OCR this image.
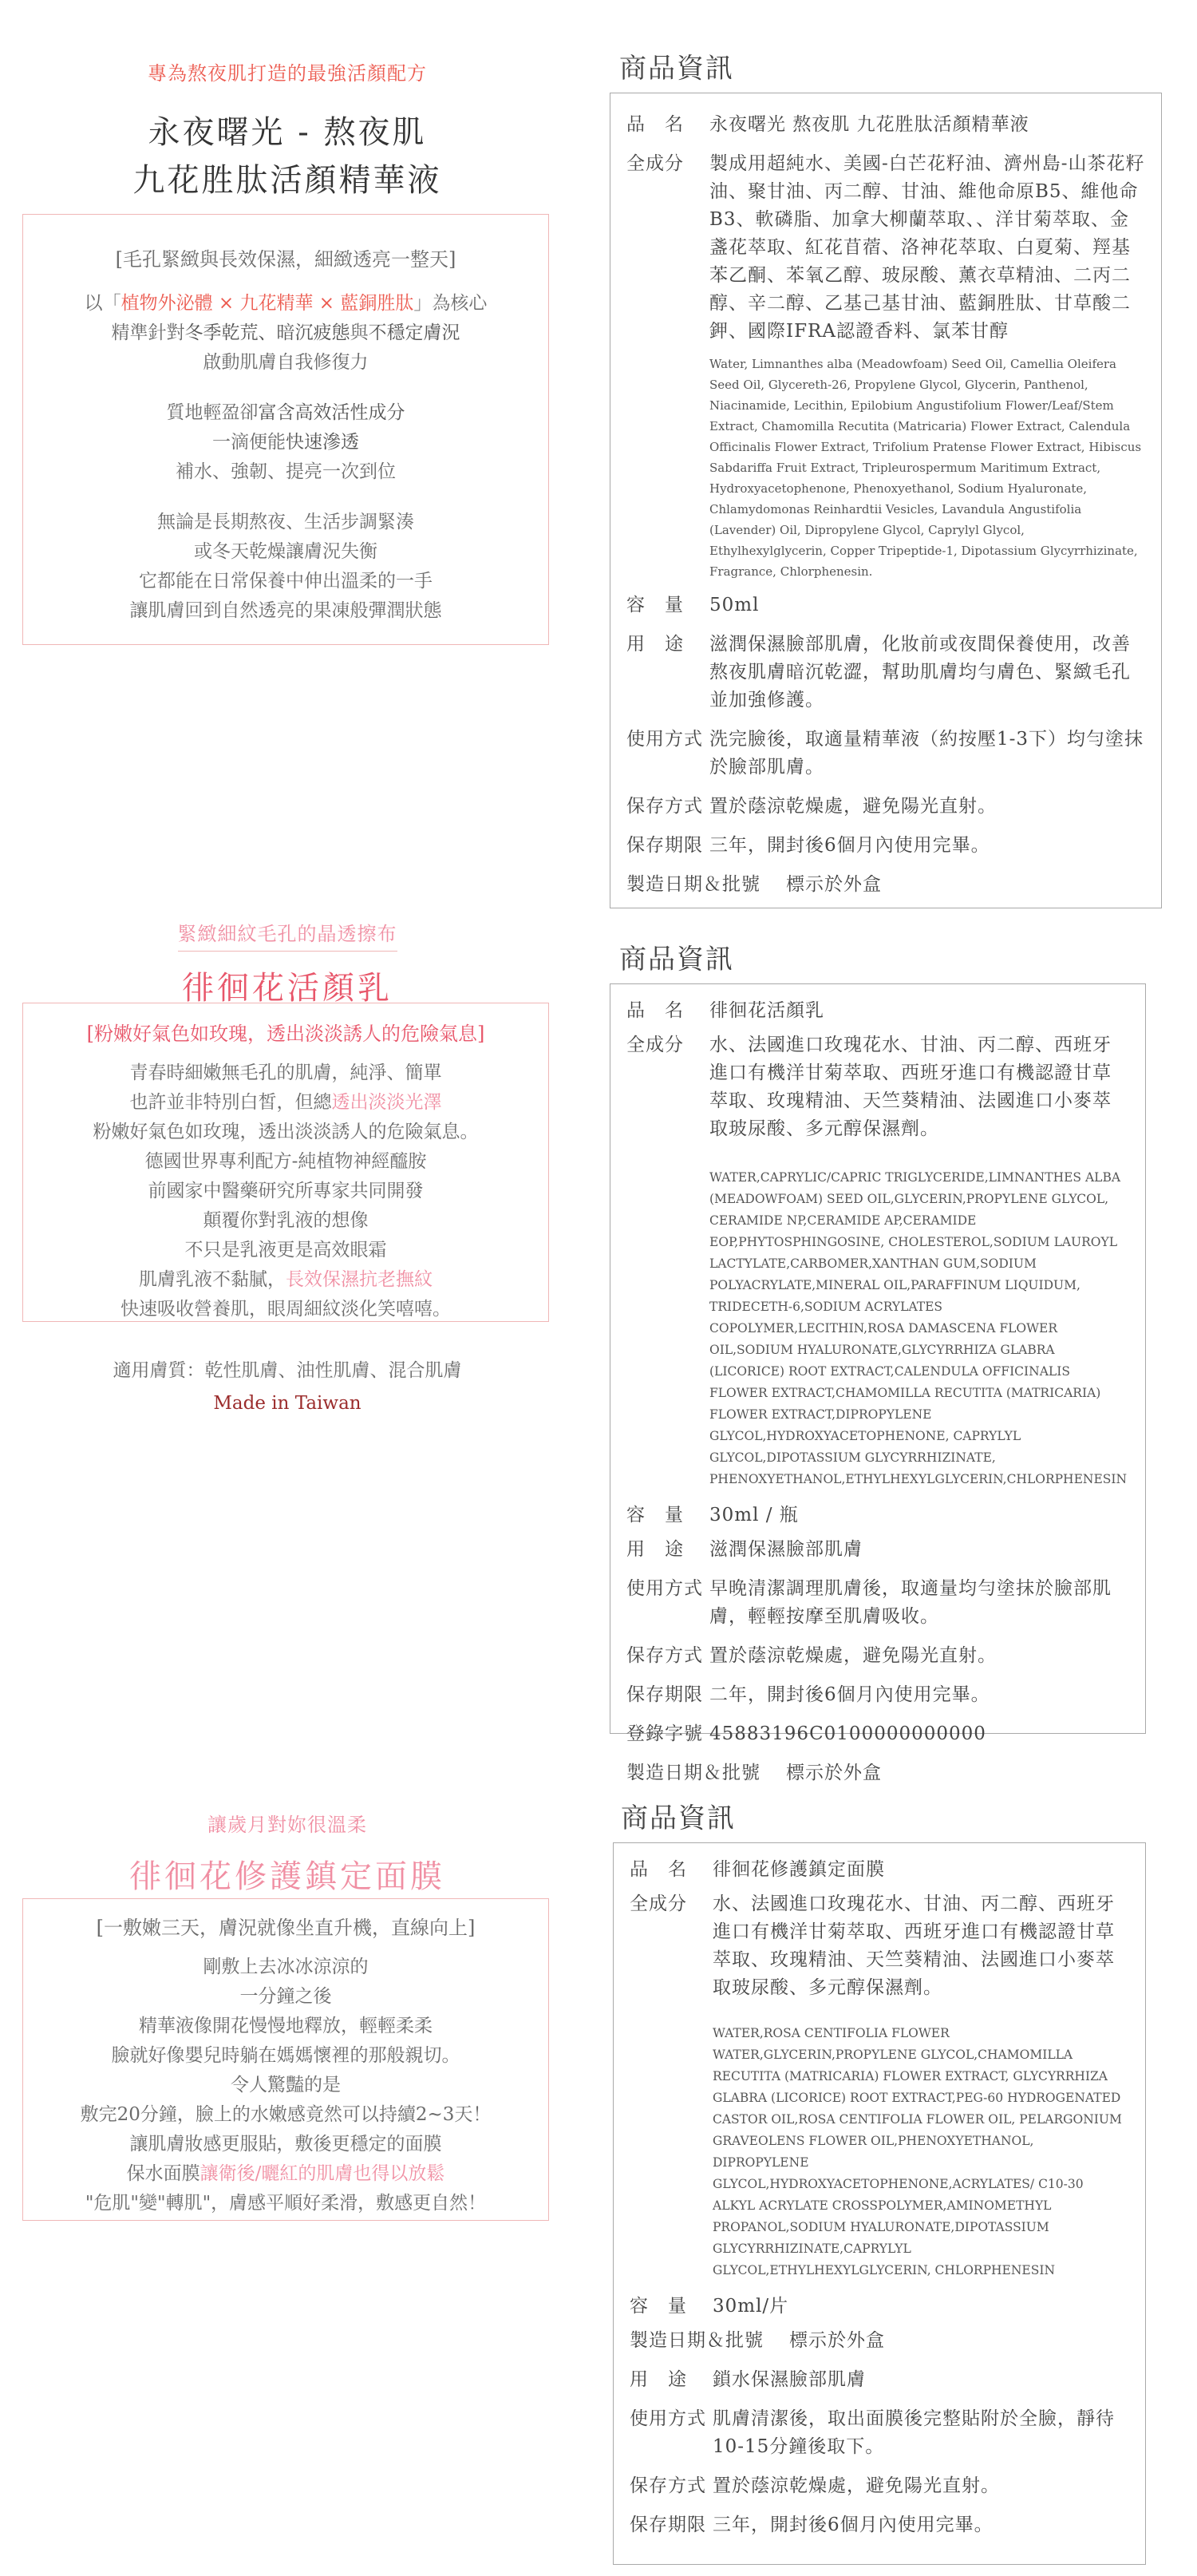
專為熬夜肌打造的最強活顏配方

永夜曙光 - 熬夜肌

九花胜肽活顏精華液

[毛孔緊緻與長效保濕，細緻透亮一整天]

以「植物外泌體 × 九花精華 × 藍銅胜肽」為核心

精準針對冬季乾荒、暗沉疲態與不穩定膚況

啟動肌膚自我修復力

質地輕盈卻富含高效活性成分

一滴便能快速滲透

補水、強韌、提亮一次到位

無論是長期熬夜、生活步調緊湊

或冬天乾燥讓膚況失衡

它都能在日常保養中伸出溫柔的一手

讓肌膚回到自然透亮的果凍般彈潤狀態

商品資訊

品　名	永夜曙光 熬夜肌 九花胜肽活顏精華液
全成分	製成用超純水、美國-白芒花籽油、濟州島-山茶花籽油、聚甘油、丙二醇、甘油、維他命原B5、維他命B3、軟磷脂、加拿大柳蘭萃取、、洋甘菊萃取、金盞花萃取、紅花苜蓿、洛神花萃取、白夏菊、羥基苯乙酮、苯氧乙醇、玻尿酸、薰衣草精油、二丙二醇、辛二醇、乙基己基甘油、藍銅胜肽、甘草酸二鉀、國際IFRA認證香料、氯苯甘醇
Water, Limnanthes alba (Meadowfoam) Seed Oil, Camellia Oleifera Seed Oil, Glycereth-26, Propylene Glycol, Glycerin, Panthenol, Niacinamide, Lecithin, Epilobium Angustifolium Flower/Leaf/Stem Extract, Chamomilla Recutita (Matricaria) Flower Extract, Calendula Officinalis Flower Extract, Trifolium Pratense Flower Extract, Hibiscus Sabdariffa Fruit Extract, Tripleurospermum Maritimum Extract, Hydroxyacetophenone, Phenoxyethanol, Sodium Hyaluronate, Chlamydomonas Reinhardtii Vesicles, Lavandula Angustifolia (Lavender) Oil, Dipropylene Glycol, Caprylyl Glycol, Ethylhexylglycerin, Copper Tripeptide-1, Dipotassium Glycyrrhizinate, Fragrance, Chlorphenesin.
容　量	50ml
用　途	滋潤保濕臉部肌膚，化妝前或夜間保養使用，改善熬夜肌膚暗沉乾澀，幫助肌膚均勻膚色、緊緻毛孔並加強修護。
使用方式 洗完臉後，取適量精華液（約按壓1-3下）均勻塗抹於臉部肌膚。
保存方式 置於蔭涼乾燥處，避免陽光直射。
保存期限 三年，開封後6個月內使用完畢。
製造日期＆批號	標示於外盒

緊緻細紋毛孔的晶透擦布

徘徊花活顏乳

[粉嫩好氣色如玫瑰，透出淡淡誘人的危險氣息]

青春時細嫩無毛孔的肌膚，純淨、簡單

也許並非特別白皙，但總透出淡淡光澤

粉嫩好氣色如玫瑰，透出淡淡誘人的危險氣息。

德國世界專利配方-純植物神經醯胺

前國家中醫藥研究所專家共同開發

顛覆你對乳液的想像

不只是乳液更是高效眼霜

肌膚乳液不黏膩，長效保濕抗老撫紋

快速吸收營養肌，眼周細紋淡化笑嘻嘻。

適用膚質：乾性肌膚、油性肌膚、混合肌膚

Made in Taiwan

商品資訊

品　名	徘徊花活顏乳
全成分	水、法國進口玫瑰花水、甘油、丙二醇、西班牙進口有機洋甘菊萃取、西班牙進口有機認證甘草萃取、玫瑰精油、天竺葵精油、法國進口小麥萃取玻尿酸、多元醇保濕劑。
WATER,CAPRYLIC/CAPRIC TRIGLYCERIDE,LIMNANTHES ALBA (MEADOWFOAM) SEED OIL,GLYCERIN,PROPYLENE GLYCOL, CERAMIDE NP,CERAMIDE AP,CERAMIDE EOP,PHYTOSPHINGOSINE, CHOLESTEROL,SODIUM LAUROYL LACTYLATE,CARBOMER,XANTHAN GUM,SODIUM POLYACRYLATE,MINERAL OIL,PARAFFINUM LIQUIDUM, TRIDECETH-6,SODIUM ACRYLATES COPOLYMER,LECITHIN,ROSA DAMASCENA FLOWER OIL,SODIUM HYALURONATE,GLYCYRRHIZA GLABRA (LICORICE) ROOT EXTRACT,CALENDULA OFFICINALIS FLOWER EXTRACT,CHAMOMILLA RECUTITA (MATRICARIA) FLOWER EXTRACT,DIPROPYLENE GLYCOL,HYDROXYACETOPHENONE, CAPRYLYL GLYCOL,DIPOTASSIUM GLYCYRRHIZINATE, PHENOXYETHANOL,ETHYLHEXYLGLYCERIN,CHLORPHENESIN
容　量	30ml / 瓶
用　途	滋潤保濕臉部肌膚
使用方式 早晚清潔調理肌膚後，取適量均勻塗抹於臉部肌膚，輕輕按摩至肌膚吸收。
保存方式 置於蔭涼乾燥處，避免陽光直射。
保存期限 二年，開封後6個月內使用完畢。
登錄字號 45883196C0100000000000
製造日期＆批號	標示於外盒

讓歲月對妳很溫柔

徘徊花修護鎮定面膜

[一敷嫩三天，膚況就像坐直升機，直線向上]

剛敷上去冰冰涼涼的

一分鐘之後

精華液像開花慢慢地釋放，輕輕柔柔

臉就好像嬰兒時躺在媽媽懷裡的那般親切。

令人驚豔的是

敷完20分鐘，臉上的水嫩感竟然可以持續2~3天！

讓肌膚妝感更服貼，敷後更穩定的面膜

保水面膜讓衛後/曬紅的肌膚也得以放鬆

"危肌"變"轉肌"，膚感平順好柔滑，敷感更自然！

商品資訊

品　名	徘徊花修護鎮定面膜
全成分	水、法國進口玫瑰花水、甘油、丙二醇、西班牙進口有機洋甘菊萃取、西班牙進口有機認證甘草萃取、玫瑰精油、天竺葵精油、法國進口小麥萃取玻尿酸、多元醇保濕劑。
WATER,ROSA CENTIFOLIA FLOWER WATER,GLYCERIN,PROPYLENE GLYCOL,CHAMOMILLA RECUTITA (MATRICARIA) FLOWER EXTRACT, GLYCYRRHIZA GLABRA (LICORICE) ROOT EXTRACT,PEG-60 HYDROGENATED CASTOR OIL,ROSA CENTIFOLIA FLOWER OIL, PELARGONIUM GRAVEOLENS FLOWER OIL,PHENOXYETHANOL, DIPROPYLENE GLYCOL,HYDROXYACETOPHENONE,ACRYLATES/ C10-30 ALKYL ACRYLATE CROSSPOLYMER,AMINOMETHYL PROPANOL,SODIUM HYALURONATE,DIPOTASSIUM GLYCYRRHIZINATE,CAPRYLYL GLYCOL,ETHYLHEXYLGLYCERIN, CHLORPHENESIN
容　量	30ml/片
製造日期＆批號	標示於外盒
用　途	鎖水保濕臉部肌膚
使用方式 肌膚清潔後，取出面膜後完整貼附於全臉，靜待10-15分鐘後取下。
保存方式 置於蔭涼乾燥處，避免陽光直射。
保存期限 三年，開封後6個月內使用完畢。
